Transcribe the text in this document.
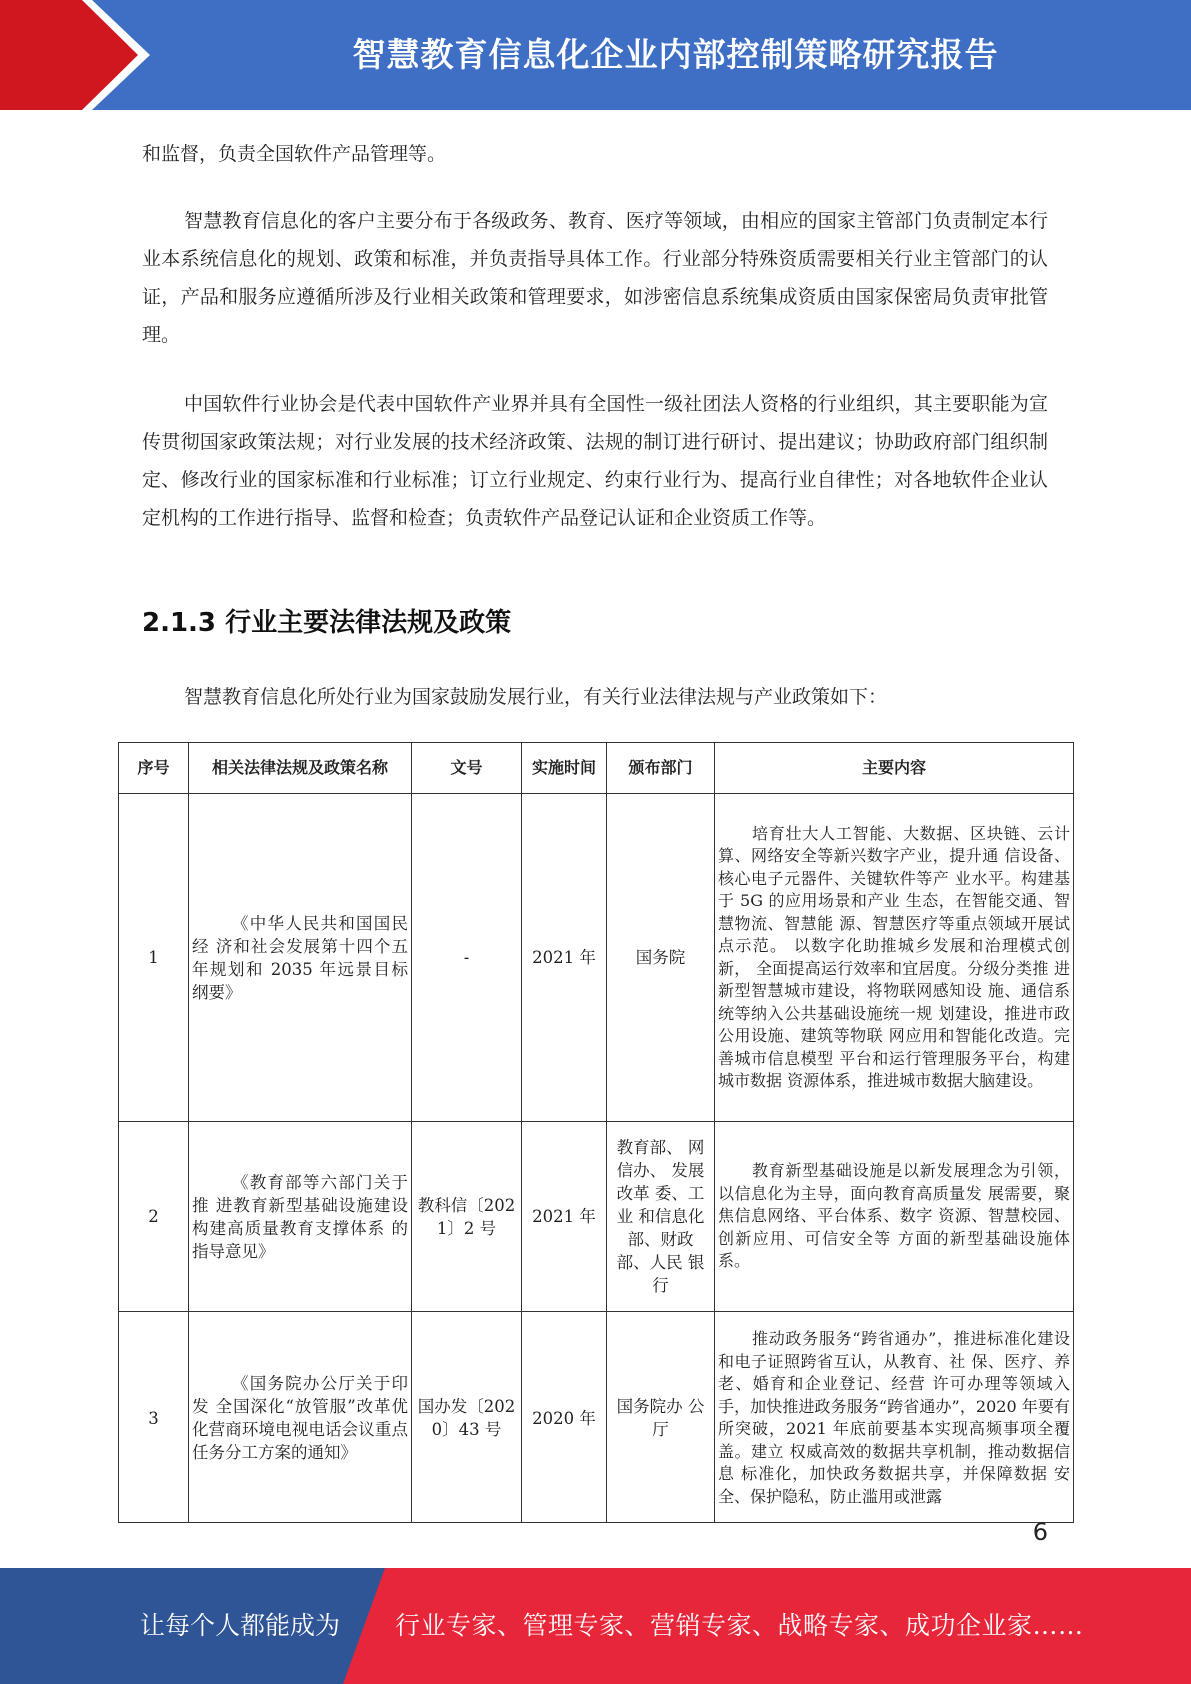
智慧教育信息化企业内部控制策略研究报告

和监督，负责全国软件产品管理等。

智慧教育信息化的客户主要分布于各级政务、教育、医疗等领域，由相应的国家主管部门负责制定本行业本系统信息化的规划、政策和标准，并负责指导具体工作。行业部分特殊资质需要相关行业主管部门的认证，产品和服务应遵循所涉及行业相关政策和管理要求，如涉密信息系统集成资质由国家保密局负责审批管理。

中国软件行业协会是代表中国软件产业界并具有全国性一级社团法人资格的行业组织，其主要职能为宣传贯彻国家政策法规；对行业发展的技术经济政策、法规的制订进行研讨、提出建议；协助政府部门组织制定、修改行业的国家标准和行业标准；订立行业规定、约束行业行为、提高行业自律性；对各地软件企业认定机构的工作进行指导、监督和检查；负责软件产品登记认证和企业资质工作等。

2.1.3 行业主要法律法规及政策

智慧教育信息化所处行业为国家鼓励发展行业，有关行业法律法规与产业政策如下：

序号	相关法律法规及政策名称	文号	实施时间	颁布部门	主要内容
1	《中华人民共和国国民经 济和社会发展第十四个五 年规划和 2035 年远景目标纲要》	-	2021 年	国务院	培育壮大人工智能、大数据、区块链、云计算、网络安全等新兴数字产业，提升通 信设备、核心电子元器件、关键软件等产 业水平。构建基于 5G 的应用场景和产业 生态，在智能交通、智慧物流、智慧能 源、智慧医疗等重点领域开展试点示范。 以数字化助推城乡发展和治理模式创新， 全面提高运行效率和宜居度。分级分类推 进新型智慧城市建设，将物联网感知设 施、通信系统等纳入公共基础设施统一规 划建设，推进市政公用设施、建筑等物联 网应用和智能化改造。完善城市信息模型 平台和运行管理服务平台，构建城市数据 资源体系，推进城市数据大脑建设。
2	《教育部等六部门关于推 进教育新型基础设施建设 构建高质量教育支撑体系 的指导意见》	教科信〔2021〕2 号	2021 年	教育部、 网信办、 发展改革 委、工业 和信息化 部、财政 部、人民 银行	教育新型基础设施是以新发展理念为引领，以信息化为主导，面向教育高质量发 展需要，聚焦信息网络、平台体系、数字 资源、智慧校园、创新应用、可信安全等 方面的新型基础设施体系。
3	《国务院办公厅关于印发 全国深化“放管服”改革优化营商环境电视电话会议重点任务分工方案的通知》	国办发〔2020〕43 号	2020 年	国务院办 公厅	推动政务服务“跨省通办”，推进标准化建设和电子证照跨省互认，从教育、社 保、医疗、养老、婚育和企业登记、经营 许可办理等领域入手，加快推进政务服务“跨省通办”，2020 年要有所突破，2021 年底前要基本实现高频事项全覆盖。建立 权威高效的数据共享机制，推动数据信息 标准化，加快政务数据共享，并保障数据 安全、保护隐私，防止滥用或泄露
6
让每个人都能成为 行业专家、管理专家、营销专家、战略专家、成功企业家……
